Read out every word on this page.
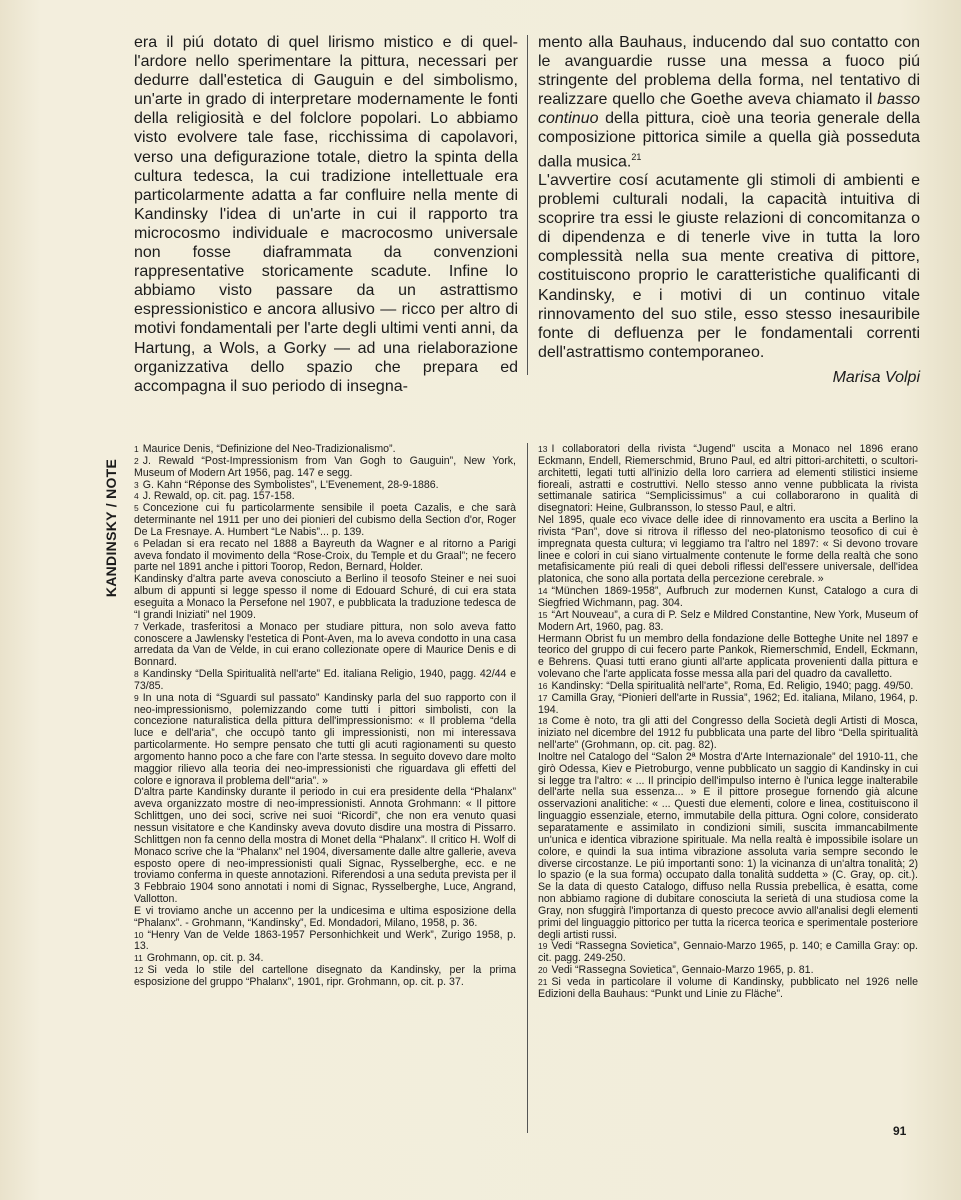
era il piú dotato di quel lirismo mistico e di quel-l'ardore nello sperimentare la pittura, necessari per dedurre dall'estetica di Gauguin e del simbolismo, un'arte in grado di interpretare modernamente le fonti della religiosità e del folclore popolari. Lo abbiamo visto evolvere tale fase, ricchissima di capolavori, verso una defigurazione totale, dietro la spinta della cultura tedesca, la cui tradizione intellettuale era particolarmente adatta a far confluire nella mente di Kandinsky l'idea di un'arte in cui il rapporto tra microcosmo individuale e macrocosmo universale non fosse diaframmata da convenzioni rappresentative storicamente scadute. Infine lo abbiamo visto passare da un astrattismo espressionistico e ancora allusivo — ricco per altro di motivi fondamentali per l'arte degli ultimi venti anni, da Hartung, a Wols, a Gorky — ad una rielaborazione organizzativa dello spazio che prepara ed accompagna il suo periodo di insegna-

mento alla Bauhaus, inducendo dal suo contatto con le avanguardie russe una messa a fuoco piú stringente del problema della forma, nel tentativo di realizzare quello che Goethe aveva chiamato il basso continuo della pittura, cioè una teoria generale della composizione pittorica simile a quella già posseduta dalla musica.$^{21}$

L'avvertire cosí acutamente gli stimoli di ambienti e problemi culturali nodali, la capacità intuitiva di scoprire tra essi le giuste relazioni di concomitanza o di dipendenza e di tenerle vive in tutta la loro complessità nella sua mente creativa di pittore, costituiscono proprio le caratteristiche qualificanti di Kandinsky, e i motivi di un continuo vitale rinnovamento del suo stile, esso stesso inesauribile fonte di defluenza per le fondamentali correnti dell'astrattismo contemporaneo.

Marisa Volpi
KANDINSKY / NOTE
1 Maurice Denis, “Definizione del Neo-Tradizionalismo”.
2 J. Rewald “Post-Impressionism from Van Gogh to Gauguin”, New York, Museum of Modern Art 1956, pag. 147 e segg.
3 G. Kahn “Réponse des Symbolistes”, L'Evenement, 28-9-1886.
4 J. Rewald, op. cit. pag. 157-158.
5 Concezione cui fu particolarmente sensibile il poeta Cazalis, e che sarà determinante nel 1911 per uno dei pionieri del cubismo della Section d'or, Roger De La Fresnaye. A. Humbert “Le Nabis”... p. 139.
6 Peladan si era recato nel 1888 a Bayreuth da Wagner e al ritorno a Parigi aveva fondato il movimento della “Rose-Croix, du Temple et du Graal”; ne fecero parte nel 1891 anche i pittori Toorop, Redon, Bernard, Holder.
Kandinsky d'altra parte aveva conosciuto a Berlino il teosofo Steiner e nei suoi album di appunti si legge spesso il nome di Edouard Schuré, di cui era stata eseguita a Monaco la Persefone nel 1907, e pubblicata la traduzione tedesca de “I grandi Iniziati” nel 1909.
7 Verkade, trasferitosi a Monaco per studiare pittura, non solo aveva fatto conoscere a Jawlensky l'estetica di Pont-Aven, ma lo aveva condotto in una casa arredata da Van de Velde, in cui erano collezionate opere di Maurice Denis e di Bonnard.
8 Kandinsky “Della Spiritualità nell'arte” Ed. italiana Religio, 1940, pagg. 42/44 e 73/85.
9 In una nota di “Sguardi sul passato” Kandinsky parla del suo rapporto con il neo-impressionismo, polemizzando come tutti i pittori simbolisti, con la concezione naturalistica della pittura dell'impressionismo: « Il problema “della luce e dell'aria”, che occupò tanto gli impressionisti, non mi interessava particolarmente. Ho sempre pensato che tutti gli acuti ragionamenti su questo argomento hanno poco a che fare con l'arte stessa. In seguito dovevo dare molto maggior rilievo alla teoria dei neo-impressionisti che riguardava gli effetti del colore e ignorava il problema dell'“aria”. »
D'altra parte Kandinsky durante il periodo in cui era presidente della “Phalanx” aveva organizzato mostre di neo-impressionisti. Annota Grohmann: « Il pittore Schlittgen, uno dei soci, scrive nei suoi “Ricordi”, che non era venuto quasi nessun visitatore e che Kandinsky aveva dovuto disdire una mostra di Pissarro. Schlittgen non fa cenno della mostra di Monet della “Phalanx”. Il critico H. Wolf di Monaco scrive che la “Phalanx” nel 1904, diversamente dalle altre gallerie, aveva esposto opere di neo-impressionisti quali Signac, Rysselberghe, ecc. e ne troviamo conferma in queste annotazioni. Riferendosi a una seduta prevista per il 3 Febbraio 1904 sono annotati i nomi di Signac, Rysselberghe, Luce, Angrand, Vallotton.
E vi troviamo anche un accenno per la undicesima e ultima esposizione della “Phalanx”. - Grohmann, “Kandinsky”, Ed. Mondadori, Milano, 1958, p. 36.
10 “Henry Van de Velde 1863-1957 Personhichkeit und Werk”, Zurigo 1958, p. 13.
11 Grohmann, op. cit. p. 34.
12 Si veda lo stile del cartellone disegnato da Kandinsky, per la prima esposizione del gruppo “Phalanx”, 1901, ripr. Grohmann, op. cit. p. 37.
13 I collaboratori della rivista “Jugend” uscita a Monaco nel 1896 erano Eckmann, Endell, Riemerschmid, Bruno Paul, ed altri pittori-architetti, o scultori-architetti, legati tutti all'inizio della loro carriera ad elementi stilistici insieme fioreali, astratti e costruttivi. Nello stesso anno venne pubblicata la rivista settimanale satirica “Semplicissimus” a cui collaborarono in qualità di disegnatori: Heine, Gulbransson, lo stesso Paul, e altri.
Nel 1895, quale eco vivace delle idee di rinnovamento era uscita a Berlino la rivista “Pan”, dove si ritrova il riflesso del neo-platonismo teosofico di cui è impregnata questa cultura; vi leggiamo tra l'altro nel 1897: « Si devono trovare linee e colori in cui siano virtualmente contenute le forme della realtà che sono metafisicamente piú reali di quei deboli riflessi dell'essere universale, dell'idea platonica, che sono alla portata della percezione cerebrale. »
14 “München 1869-1958”, Aufbruch zur modernen Kunst, Catalogo a cura di Siegfried Wichmann, pag. 304.
15 “Art Nouveau”, a cura di P. Selz e Mildred Constantine, New York, Museum of Modern Art, 1960, pag. 83.
Hermann Obrist fu un membro della fondazione delle Botteghe Unite nel 1897 e teorico del gruppo di cui fecero parte Pankok, Riemerschmid, Endell, Eckmann, e Behrens. Quasi tutti erano giunti all'arte applicata provenienti dalla pittura e volevano che l'arte applicata fosse messa alla pari del quadro da cavalletto.
16 Kandinsky: “Della spiritualità nell'arte”, Roma, Ed. Religio, 1940; pagg. 49/50.
17 Camilla Gray, “Pionieri dell'arte in Russia”, 1962; Ed. italiana, Milano, 1964, p. 194.
18 Come è noto, tra gli atti del Congresso della Società degli Artisti di Mosca, iniziato nel dicembre del 1912 fu pubblicata una parte del libro “Della spiritualità nell'arte” (Grohmann, op. cit. pag. 82).
Inoltre nel Catalogo del “Salon 2ª Mostra d'Arte Internazionale” del 1910-11, che girò Odessa, Kiev e Pietroburgo, venne pubblicato un saggio di Kandinsky in cui si legge tra l'altro: « ... Il principio dell'impulso interno è l'unica legge inalterabile dell'arte nella sua essenza... » E il pittore prosegue fornendo già alcune osservazioni analitiche: « ... Questi due elementi, colore e linea, costituiscono il linguaggio essenziale, eterno, immutabile della pittura. Ogni colore, considerato separatamente e assimilato in condizioni simili, suscita immancabilmente un'unica e identica vibrazione spirituale. Ma nella realtà è impossibile isolare un colore, e quindi la sua intima vibrazione assoluta varia sempre secondo le diverse circostanze. Le piú importanti sono: 1) la vicinanza di un'altra tonalità; 2) lo spazio (e la sua forma) occupato dalla tonalità suddetta » (C. Gray, op. cit.). Se la data di questo Catalogo, diffuso nella Russia prebellica, è esatta, come non abbiamo ragione di dubitare conosciuta la serietà di una studiosa come la Gray, non sfuggirà l'importanza di questo precoce avvio all'analisi degli elementi primi del linguaggio pittorico per tutta la ricerca teorica e sperimentale posteriore degli artisti russi.
19 Vedi “Rassegna Sovietica”, Gennaio-Marzo 1965, p. 140; e Camilla Gray: op. cit. pagg. 249-250.
20 Vedi “Rassegna Sovietica”, Gennaio-Marzo 1965, p. 81.
21 Si veda in particolare il volume di Kandinsky, pubblicato nel 1926 nelle Edizioni della Bauhaus: “Punkt und Linie zu Fläche”.
91
